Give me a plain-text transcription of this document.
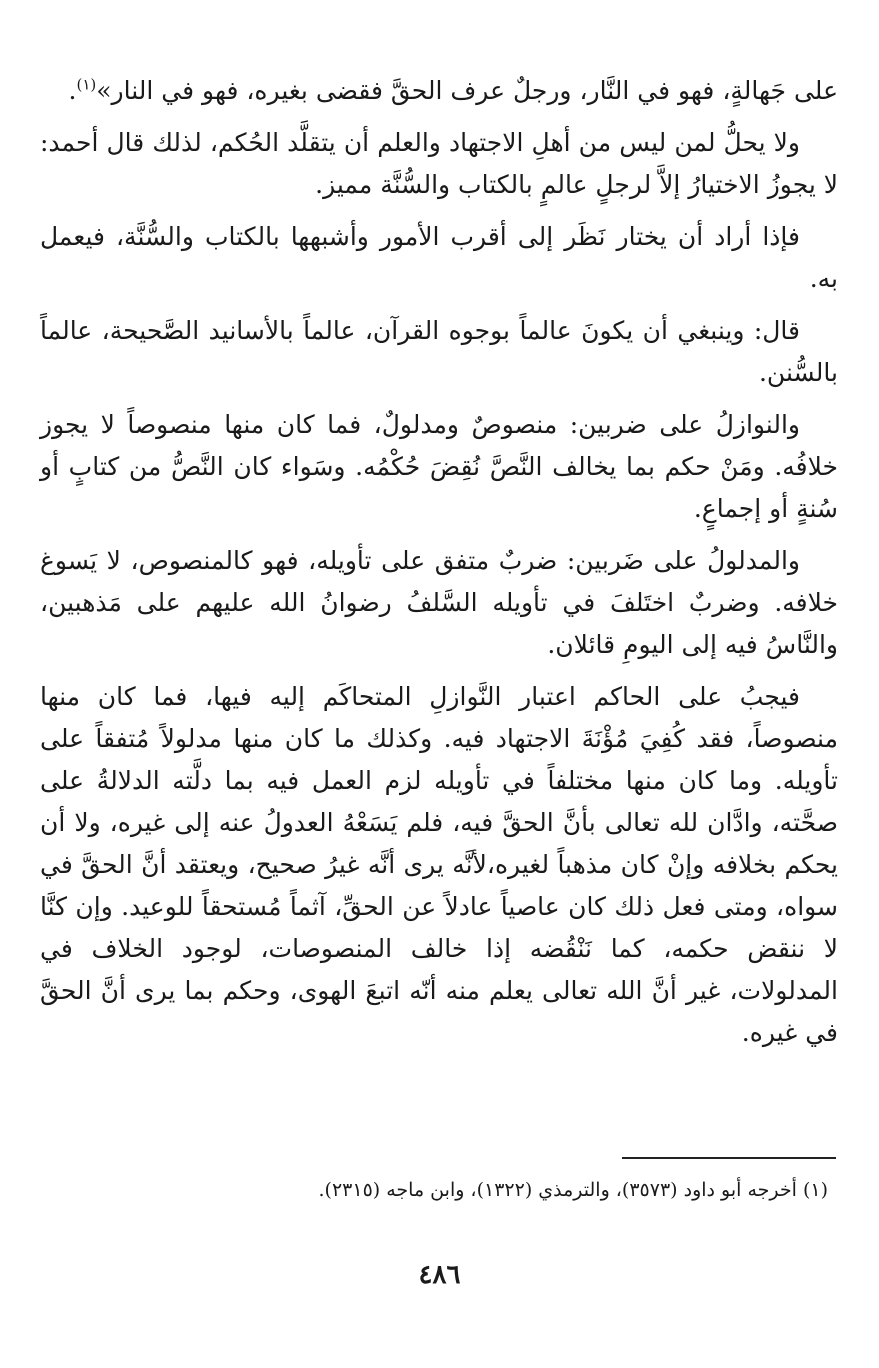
على جَهالةٍ، فهو في النَّار، ورجلٌ عرف الحقَّ فقضى بغيره، فهو في النار»$^{(١)}$.

ولا يحلُّ لمن ليس من أهلِ الاجتهاد والعلم أن يتقلَّد الحُكم، لذلك قال أحمد: لا يجوزُ الاختيارُ إلاَّ لرجلٍ عالمٍ بالكتاب والسُّنَّة مميز.

فإذا أراد أن يختار نَظَر إلى أقرب الأمور وأشبهها بالكتاب والسُّنَّة، فيعمل به.

قال: وينبغي أن يكونَ عالماً بوجوه القرآن، عالماً بالأسانيد الصَّحيحة، عالماً بالسُّنن.

والنوازلُ على ضربين: منصوصٌ ومدلولٌ، فما كان منها منصوصاً لا يجوز خلافُه. ومَنْ حكم بما يخالف النَّصَّ نُقِضَ حُكْمُه. وسَواء كان النَّصُّ من كتابٍ أو سُنةٍ أو إجماعٍ.

والمدلولُ على ضَربين: ضربٌ متفق على تأويله، فهو كالمنصوص، لا يَسوغ خلافه. وضربٌ اختَلفَ في تأويله السَّلفُ رضوانُ الله عليهم على مَذهبين، والنَّاسُ فيه إلى اليومِ قائلان.

فيجبُ على الحاكم اعتبار النَّوازلِ المتحاكَم إليه فيها، فما كان منها منصوصاً، فقد كُفِيَ مُؤْنَةَ الاجتهاد فيه. وكذلك ما كان منها مدلولاً مُتفقاً على تأويله. وما كان منها مختلفاً في تأويله لزم العمل فيه بما دلَّته الدلالةُ على صحَّته، وادَّان لله تعالى بأنَّ الحقَّ فيه، فلم يَسَعْهُ العدولُ عنه إلى غيره، ولا أن يحكم بخلافه وإنْ كان مذهباً لغيره،لأنَّه يرى أنَّه غيرُ صحيح، ويعتقد أنَّ الحقَّ في سواه، ومتى فعل ذلك كان عاصياً عادلاً عن الحقِّ، آثماً مُستحقاً للوعيد. وإن كنَّا لا ننقض حكمه، كما نَنْقُضه إذا خالف المنصوصات، لوجود الخلاف في المدلولات، غير أنَّ الله تعالى يعلم منه أنّه اتبعَ الهوى، وحكم بما يرى أنَّ الحقَّ في غيره.

(١) أخرجه أبو داود (٣٥٧٣)، والترمذي (١٣٢٢)، وابن ماجه (٢٣١٥).
٤٨٦
